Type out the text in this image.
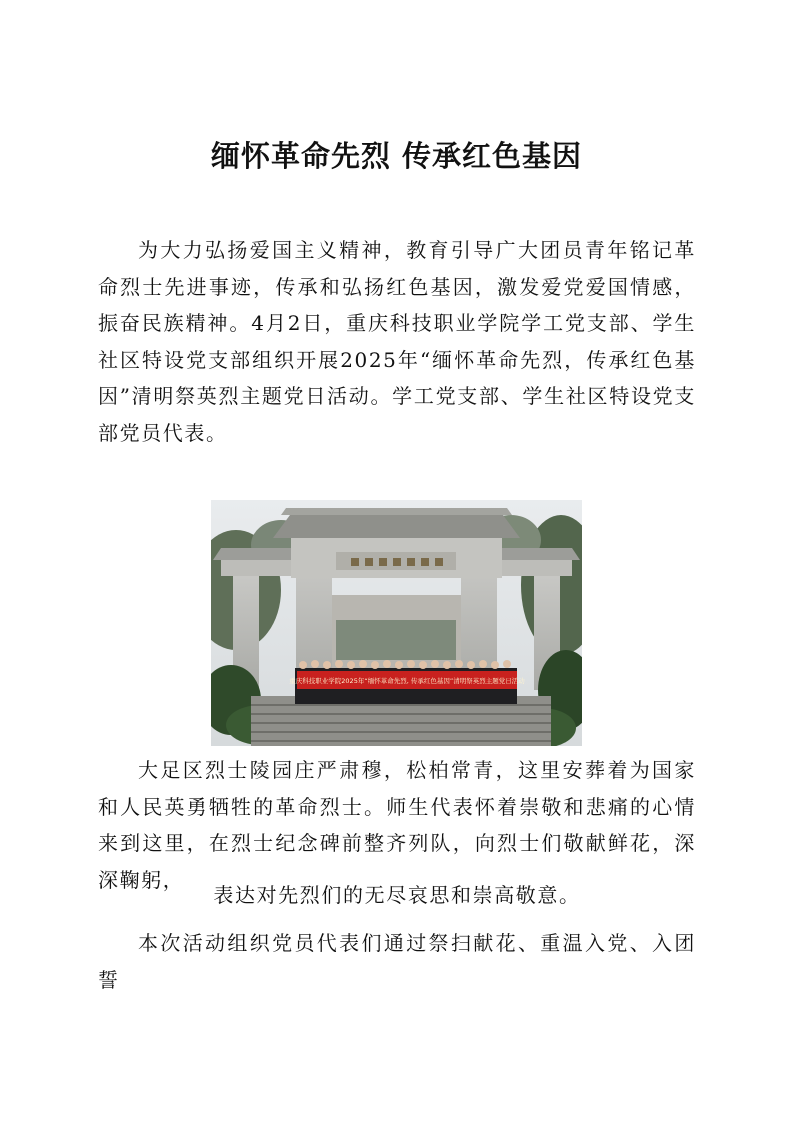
缅怀革命先烈 传承红色基因

为大力弘扬爱国主义精神，教育引导广大团员青年铭记革命烈士先进事迹，传承和弘扬红色基因，激发爱党爱国情感，振奋民族精神。4月2日，重庆科技职业学院学工党支部、学生社区特设党支部组织开展2025年“缅怀革命先烈，传承红色基因”清明祭英烈主题党日活动。学工党支部、学生社区特设党支部党员代表。

重庆科技职业学院2025年“缅怀革命先烈, 传承红色基因”清明祭英烈主题党日活动

大足区烈士陵园庄严肃穆，松柏常青，这里安葬着为国家和人民英勇牺牲的革命烈士。师生代表怀着崇敬和悲痛的心情来到这里，在烈士纪念碑前整齐列队，向烈士们敬献鲜花，深深鞠躬，

表达对先烈们的无尽哀思和崇高敬意。

本次活动组织党员代表们通过祭扫献花、重温入党、入团誓
